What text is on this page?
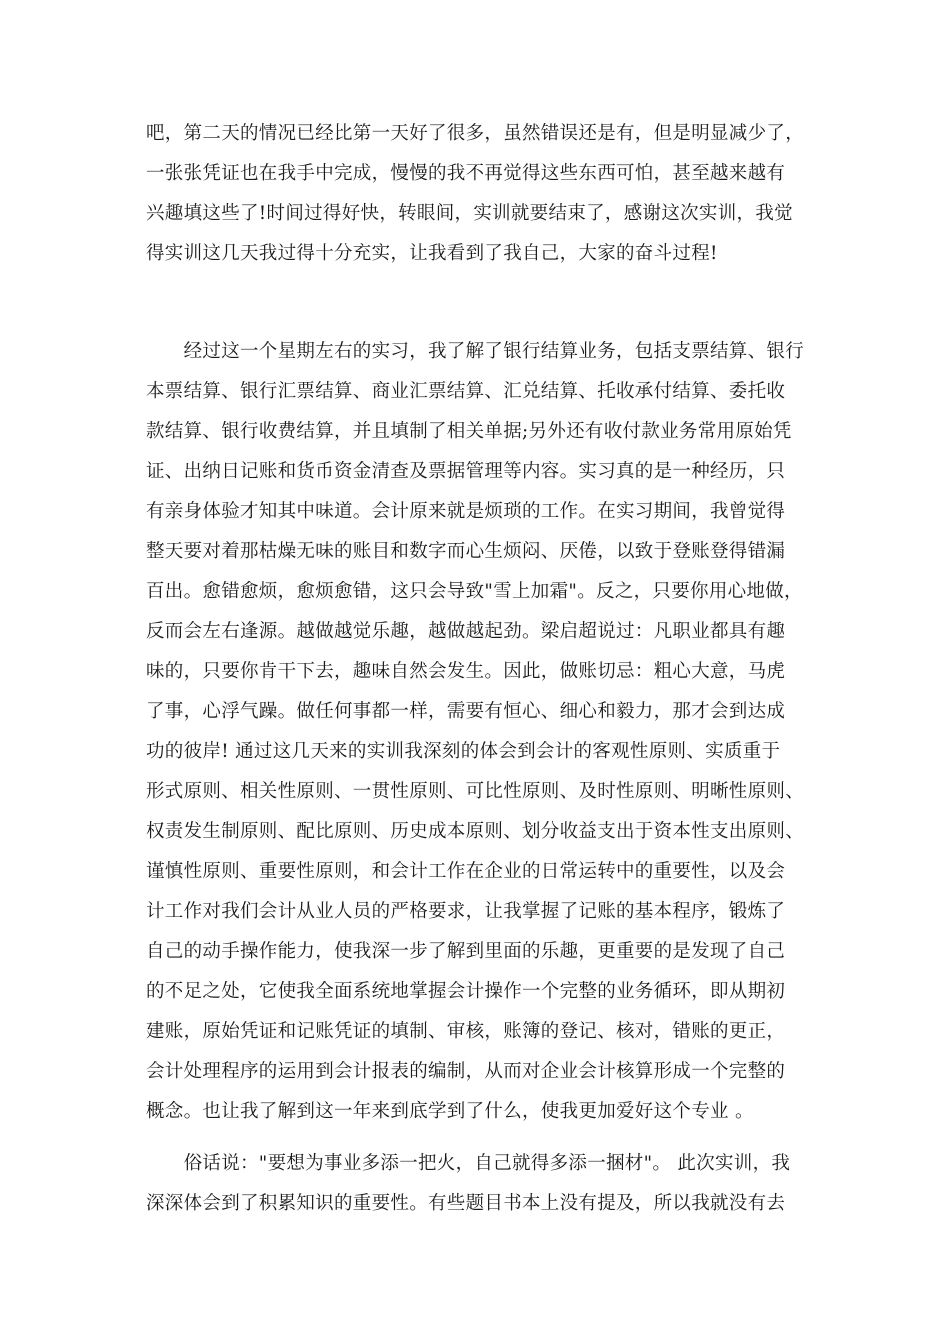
吧，第二天的情况已经比第一天好了很多，虽然错误还是有，但是明显减少了，
一张张凭证也在我手中完成，慢慢的我不再觉得这些东西可怕，甚至越来越有
兴趣填这些了!时间过得好快，转眼间，实训就要结束了，感谢这次实训，我觉
得实训这几天我过得十分充实，让我看到了我自己，大家的奋斗过程!
　　经过这一个星期左右的实习，我了解了银行结算业务，包括支票结算、银行
本票结算、银行汇票结算、商业汇票结算、汇兑结算、托收承付结算、委托收
款结算、银行收费结算，并且填制了相关单据;另外还有收付款业务常用原始凭
证、出纳日记账和货币资金清查及票据管理等内容。实习真的是一种经历，只
有亲身体验才知其中味道。会计原来就是烦琐的工作。在实习期间，我曾觉得
整天要对着那枯燥无味的账目和数字而心生烦闷、厌倦，以致于登账登得错漏
百出。愈错愈烦，愈烦愈错，这只会导致"雪上加霜"。反之，只要你用心地做，
反而会左右逢源。越做越觉乐趣，越做越起劲。梁启超说过：凡职业都具有趣
味的，只要你肯干下去，趣味自然会发生。因此，做账切忌：粗心大意，马虎
了事，心浮气躁。做任何事都一样，需要有恒心、细心和毅力，那才会到达成
功的彼岸! 通过这几天来的实训我深刻的体会到会计的客观性原则、实质重于
形式原则、相关性原则、一贯性原则、可比性原则、及时性原则、明晰性原则、
权责发生制原则、配比原则、历史成本原则、划分收益支出于资本性支出原则、
谨慎性原则、重要性原则，和会计工作在企业的日常运转中的重要性，以及会
计工作对我们会计从业人员的严格要求，让我掌握了记账的基本程序，锻炼了
自己的动手操作能力，使我深一步了解到里面的乐趣，更重要的是发现了自己
的不足之处，它使我全面系统地掌握会计操作一个完整的业务循环，即从期初
建账，原始凭证和记账凭证的填制、审核，账簿的登记、核对，错账的更正，
会计处理程序的运用到会计报表的编制，从而对企业会计核算形成一个完整的
概念。也让我了解到这一年来到底学到了什么，使我更加爱好这个专业 。
　　俗话说："要想为事业多添一把火，自己就得多添一捆材"。 此次实训，我
深深体会到了积累知识的重要性。有些题目书本上没有提及，所以我就没有去
